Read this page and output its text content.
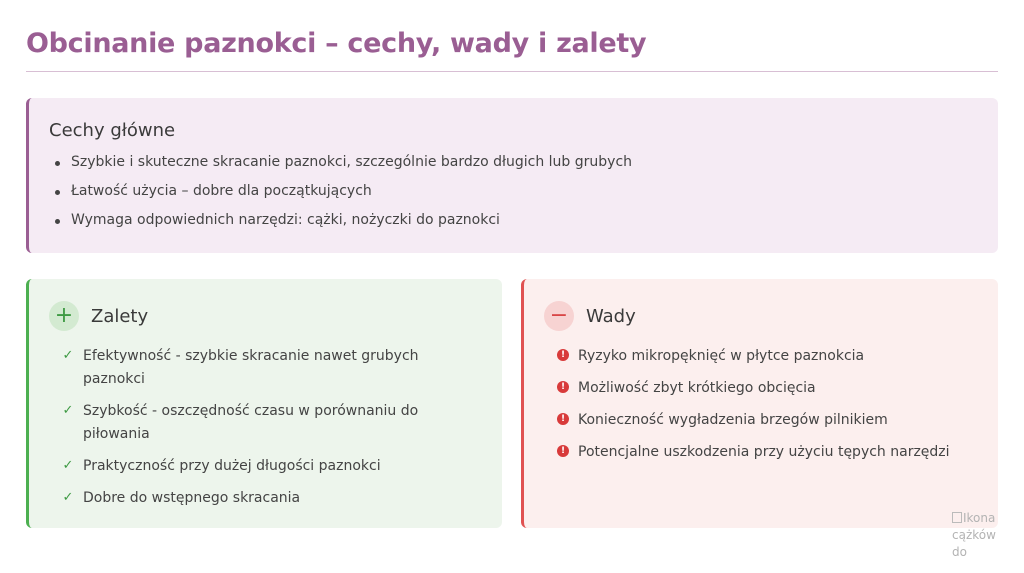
Obcinanie paznokci – cechy, wady i zalety
Cechy główne
Szybkie i skuteczne skracanie paznokci, szczególnie bardzo długich lub grubych
Łatwość użycia – dobre dla początkujących
Wymaga odpowiednich narzędzi: cążki, nożyczki do paznokci
+ Zalety
✓ Efektywność - szybkie skracanie nawet grubych paznokci
✓ Szybkość - oszczędność czasu w porównaniu do piłowania
✓ Praktyczność przy dużej długości paznokci
✓ Dobre do wstępnego skracania
− Wady
! Ryzyko mikropęknięć w płytce paznokcia
! Możliwość zbyt krótkiego obcięcia
! Konieczność wygładzenia brzegów pilnikiem
! Potencjalne uszkodzenia przy użyciu tępych narzędzi
Ikona cążków do
